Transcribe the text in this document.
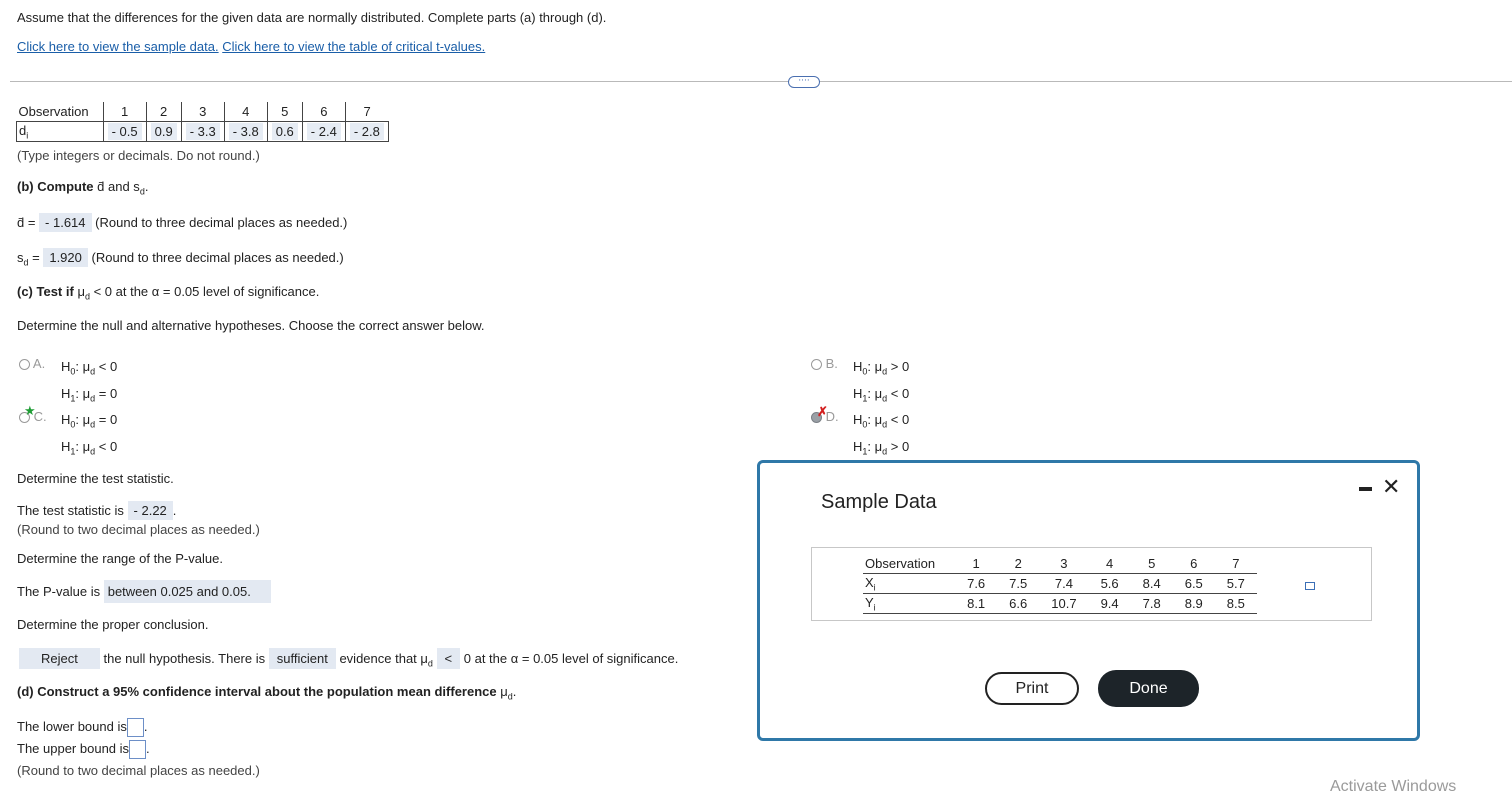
Assume that the differences for the given data are normally distributed. Complete parts (a) through (d).
Click here to view the sample data. Click here to view the table of critical t-values.
····
Observation	1	2	3	4	5	6	7
$d_i$	- 0.5	0.9	- 3.3	- 3.8	0.6	- 2.4	- 2.8
(Type integers or decimals. Do not round.)
(b) Compute d̄ and $s_d$.
d̄ = - 1.614 (Round to three decimal places as needed.)
$s_d = 1.920$ (Round to three decimal places as needed.)
(c) Test if $\mu_d < 0$ at the α = 0.05 level of significance.
Determine the null and alternative hypotheses. Choose the correct answer below.
A. $H_0$: $\mu_d < 0$
$H_1$: $\mu_d = 0$
B. $H_0$: $\mu_d > 0$
$H_1$: $\mu_d < 0$
C.
★
$H_0$: $\mu_d = 0$
$H_1$: $\mu_d < 0$
D.
✗
$H_0$: $\mu_d < 0$
$H_1$: $\mu_d > 0$
Determine the test statistic.
The test statistic is - 2.22 .
(Round to two decimal places as needed.)
Determine the range of the P-value.
The P-value is between 0.025 and 0.05.
Determine the proper conclusion.
Reject the null hypothesis. There is sufficient evidence that $\mu_d < 0$ at the α = 0.05 level of significance.
(d) Construct a 95% confidence interval about the population mean difference $\mu_d$.
The lower bound is .
The upper bound is .
(Round to two decimal places as needed.)
Sample Data
✕
Observation	1	2	3	4	5	6	7
$X_i$	7.6	7.5	7.4	5.6	8.4	6.5	5.7
$Y_i$	8.1	6.6	10.7	9.4	7.8	8.9	8.5
Print	Done
Activate Windows
